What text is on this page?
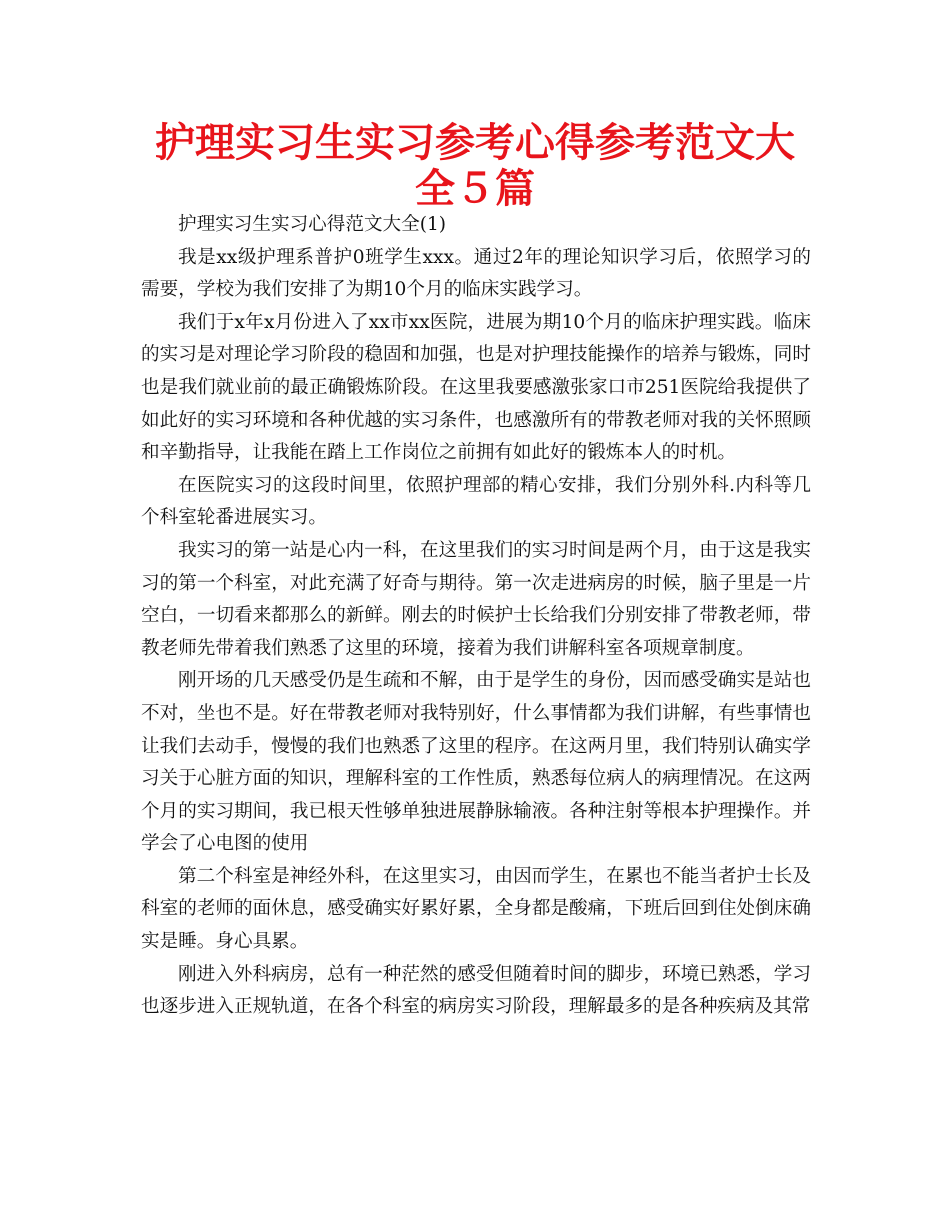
护理实习生实习参考心得参考范文大全５篇

护理实习生实习心得范文大全(1)

我是xx级护理系普护0班学生xxx。通过2年的理论知识学习后，依照学习的需要，学校为我们安排了为期10个月的临床实践学习。

我们于x年x月份进入了xx市xx医院，进展为期10个月的临床护理实践。临床的实习是对理论学习阶段的稳固和加强，也是对护理技能操作的培养与锻炼，同时也是我们就业前的最正确锻炼阶段。在这里我要感激张家口市251医院给我提供了如此好的实习环境和各种优越的实习条件，也感激所有的带教老师对我的关怀照顾和辛勤指导，让我能在踏上工作岗位之前拥有如此好的锻炼本人的时机。

在医院实习的这段时间里，依照护理部的精心安排，我们分别外科.内科等几个科室轮番进展实习。

我实习的第一站是心内一科，在这里我们的实习时间是两个月，由于这是我实习的第一个科室，对此充满了好奇与期待。第一次走进病房的时候，脑子里是一片空白，一切看来都那么的新鲜。刚去的时候护士长给我们分别安排了带教老师，带教老师先带着我们熟悉了这里的环境，接着为我们讲解科室各项规章制度。

刚开场的几天感受仍是生疏和不解，由于是学生的身份，因而感受确实是站也不对，坐也不是。好在带教老师对我特别好，什么事情都为我们讲解，有些事情也让我们去动手，慢慢的我们也熟悉了这里的程序。在这两月里，我们特别认确实学习关于心脏方面的知识，理解科室的工作性质，熟悉每位病人的病理情况。在这两个月的实习期间，我已根天性够单独进展静脉输液。各种注射等根本护理操作。并学会了心电图的使用

第二个科室是神经外科，在这里实习，由因而学生，在累也不能当者护士长及科室的老师的面休息，感受确实好累好累，全身都是酸痛，下班后回到住处倒床确实是睡。身心具累。

刚进入外科病房，总有一种茫然的感受但随着时间的脚步，环境已熟悉，学习也逐步进入正规轨道，在各个科室的病房实习阶段，理解最多的是各种疾病及其常
